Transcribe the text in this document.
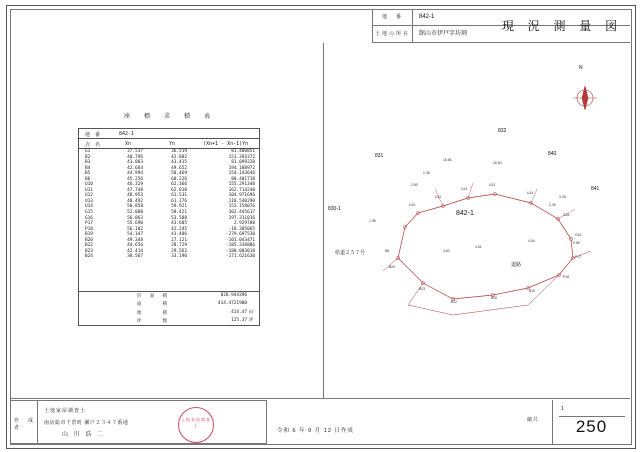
地　番	842-1
土地の所在	館山市伊戸字坊割
現 況 測 量 図
座　標　求　積　表
地　番	842-1
点　名	Xn	Yn	(Xn+1 - Xn-1)Yn
G1	37.537	36.519	81.400851
B2	40.796	42.882	151.393372
B3	41.083	43.415	81.099220
B4	42.664	49.652	194.188972
B5	44.994	50.469	154.143646
B6	45.256	60.226	80.401710
U10	46.329	62.366	155.291340
U11	47.748	62.010	162.714240
U12	48.953	61.531	104.971696
U13	48.492	61.176	118.540290
U14	50.858	59.921	153.158076
G15	52.008	58.421	302.445617
G16	56.063	53.588	197.311016
P17	55.690	43.605	2.929780
P18	56.102	42.245	-18.305065
B19	54.147	41.406	-279.697530
B20	49.348	27.121	-101.043471
B22	44.656	28.729	-185.338886
B23	42.414	29.562	-180.003018
B24	38.567	33.190	-171.621630
倍　面　積	828.944396
面　　　積	414.4721900
地　　　積	414.47 ㎡
坪　　　数	125.37 坪
N
832
831	840
841
830-1
842-1
道路
県道２５７号
18.56
16.50
9.85
4.61
4.60
4.54
3.05
2.39
1.38
2.83
1.98
B6
U10
U11
U12
U13
U14
G15
G16
P17
P18
B19
B20
B22
B23
B24
作　成　者
土地家屋調査士
南房総市千倉町 瀬戸２３４７番地
山 川 浩 二
土地家屋調査士
令和 6 年 9 月 12 日作成
縮尺
1
250
